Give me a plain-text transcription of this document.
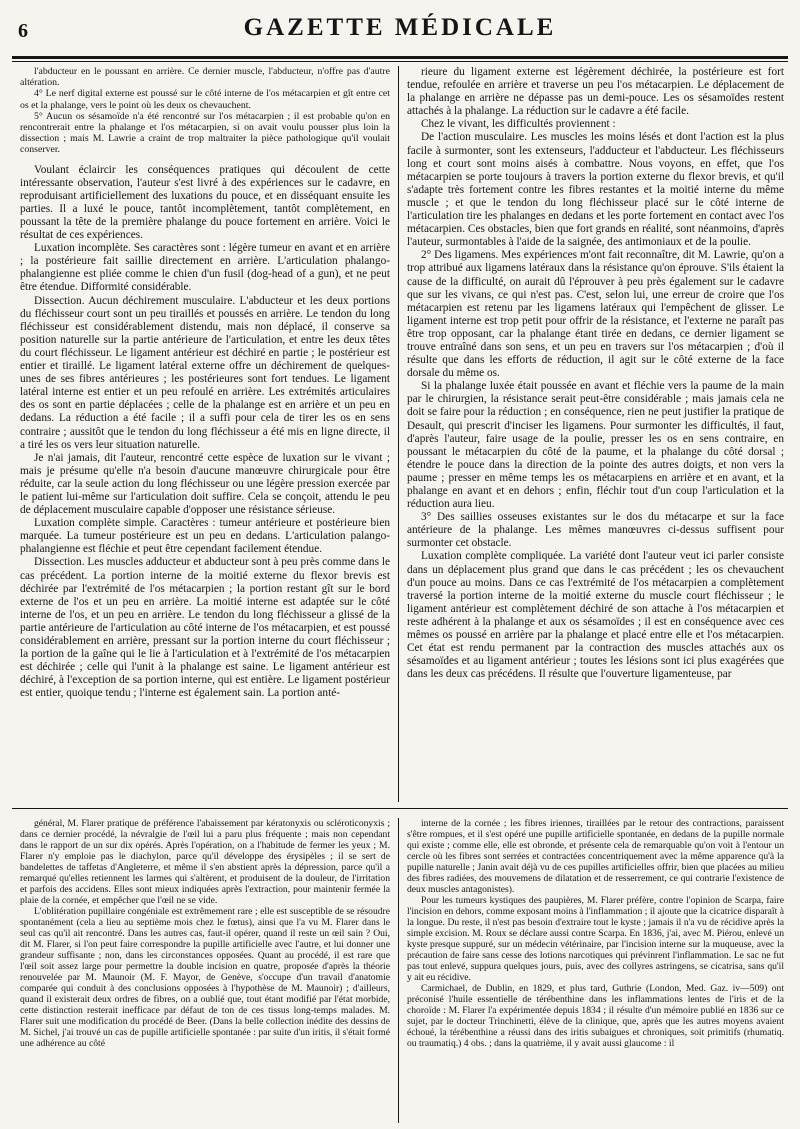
6	GAZETTE MÉDICALE

l'abducteur en le poussant en arrière. Ce dernier muscle, l'abducteur, n'offre pas d'autre altération.

4° Le nerf digital externe est poussé sur le côté interne de l'os métacarpien et gît entre cet os et la phalange, vers le point où les deux os chevauchent.

5° Aucun os sésamoïde n'a été rencontré sur l'os métacarpien ; il est probable qu'on en rencontrerait entre la phalange et l'os métacarpien, si on avait voulu pousser plus loin la dissection ; mais M. Lawrie a craint de trop maltraiter la pièce pathologique qu'il voulait conserver.

Voulant éclaircir les conséquences pratiques qui découlent de cette intéressante observation, l'auteur s'est livré à des expériences sur le cadavre, en reproduisant artificiellement des luxations du pouce, et en disséquant ensuite les parties. Il a luxé le pouce, tantôt incomplètement, tantôt complètement, en poussant la tête de la première phalange du pouce fortement en arrière. Voici le résultat de ces expériences.

Luxation incomplète. Ses caractères sont : légère tumeur en avant et en arrière ; la postérieure fait saillie directement en arrière. L'articulation phalango-phalangienne est pliée comme le chien d'un fusil (dog-head of a gun), et ne peut être étendue. Difformité considérable.

Dissection. Aucun déchirement musculaire. L'abducteur et les deux portions du fléchisseur court sont un peu tiraillés et poussés en arrière. Le tendon du long fléchisseur est considérablement distendu, mais non déplacé, il conserve sa position naturelle sur la partie antérieure de l'articulation, et entre les deux têtes du court fléchisseur. Le ligament antérieur est déchiré en partie ; le postérieur est entier et tiraillé. Le ligament latéral externe offre un déchirement de quelques-unes de ses fibres antérieures ; les postérieures sont fort tendues. Le ligament latéral interne est entier et un peu refoulé en arrière. Les extrémités articulaires des os sont en partie déplacées ; celle de la phalange est en arrière et un peu en dedans. La réduction a été facile ; il a suffi pour cela de tirer les os en sens contraire ; aussitôt que le tendon du long fléchisseur a été mis en ligne directe, il a tiré les os vers leur situation naturelle.

Je n'ai jamais, dit l'auteur, rencontré cette espèce de luxation sur le vivant ; mais je présume qu'elle n'a besoin d'aucune manœuvre chirurgicale pour être réduite, car la seule action du long fléchisseur ou une légère pression exercée par le patient lui-même sur l'articulation doit suffire. Cela se conçoit, attendu le peu de déplacement musculaire capable d'opposer une résistance sérieuse.

Luxation complète simple. Caractères : tumeur antérieure et postérieure bien marquée. La tumeur postérieure est un peu en dedans. L'articulation palango-phalangienne est fléchie et peut être cependant facilement étendue.

Dissection. Les muscles adducteur et abducteur sont à peu près comme dans le cas précédent. La portion interne de la moitié externe du flexor brevis est déchirée par l'extrémité de l'os métacarpien ; la portion restant gît sur le bord externe de l'os et un peu en arrière. La moitié interne est adaptée sur le côté interne de l'os, et un peu en arrière. Le tendon du long fléchisseur a glissé de la partie antérieure de l'articulation au côté interne de l'os métacarpien, et est poussé considérablement en arrière, pressant sur la portion interne du court fléchisseur ; la portion de la gaîne qui le lie à l'articulation et à l'extrémité de l'os métacarpien est déchirée ; celle qui l'unit à la phalange est saine. Le ligament antérieur est déchiré, à l'exception de sa portion interne, qui est entière. Le ligament postérieur est entier, quoique tendu ; l'interne est également sain. La portion anté-

rieure du ligament externe est légèrement déchirée, la postérieure est fort tendue, refoulée en arrière et traverse un peu l'os métacarpien. Le déplacement de la phalange en arrière ne dépasse pas un demi-pouce. Les os sésamoïdes restent attachés à la phalange. La réduction sur le cadavre a été facile.

Chez le vivant, les difficultés proviennent :

De l'action musculaire. Les muscles les moins lésés et dont l'action est la plus facile à surmonter, sont les extenseurs, l'adducteur et l'abducteur. Les fléchisseurs long et court sont moins aisés à combattre. Nous voyons, en effet, que l'os métacarpien se porte toujours à travers la portion externe du flexor brevis, et qu'il s'adapte très fortement contre les fibres restantes et la moitié interne du même muscle ; et que le tendon du long fléchisseur placé sur le côté interne de l'articulation tire les phalanges en dedans et les porte fortement en contact avec l'os métacarpien. Ces obstacles, bien que fort grands en réalité, sont néanmoins, d'après l'auteur, surmontables à l'aide de la saignée, des antimoniaux et de la poulie.

2° Des ligamens. Mes expériences m'ont fait reconnaître, dit M. Lawrie, qu'on a trop attribué aux ligamens latéraux dans la résistance qu'on éprouve. S'ils étaient la cause de la difficulté, on aurait dû l'éprouver à peu près également sur le cadavre que sur les vivans, ce qui n'est pas. C'est, selon lui, une erreur de croire que l'os métacarpien est retenu par les ligamens latéraux qui l'empêchent de glisser. Le ligament interne est trop petit pour offrir de la résistance, et l'externe ne paraît pas être trop opposant, car la phalange étant tirée en dedans, ce dernier ligament se trouve entraîné dans son sens, et un peu en travers sur l'os métacarpien ; d'où il résulte que dans les efforts de réduction, il agit sur le côté externe de la face dorsale du même os.

Si la phalange luxée était poussée en avant et fléchie vers la paume de la main par le chirurgien, la résistance serait peut-être considérable ; mais jamais cela ne doit se faire pour la réduction ; en conséquence, rien ne peut justifier la pratique de Desault, qui prescrit d'inciser les ligamens. Pour surmonter les difficultés, il faut, d'après l'auteur, faire usage de la poulie, presser les os en sens contraire, en poussant le métacarpien du côté de la paume, et la phalange du côté dorsal ; étendre le pouce dans la direction de la pointe des autres doigts, et non vers la paume ; presser en même temps les os métacarpiens en arrière et en avant, et la phalange en avant et en dehors ; enfin, fléchir tout d'un coup l'articulation et la réduction aura lieu.

3° Des saillies osseuses existantes sur le dos du métacarpe et sur la face antérieure de la phalange. Les mêmes manœuvres ci-dessus suffisent pour surmonter cet obstacle.

Luxation complète compliquée. La variété dont l'auteur veut ici parler consiste dans un déplacement plus grand que dans le cas précédent ; les os chevauchent d'un pouce au moins. Dans ce cas l'extrémité de l'os métacarpien a complètement traversé la portion interne de la moitié externe du muscle court fléchisseur ; le ligament antérieur est complètement déchiré de son attache à l'os métacarpien et reste adhérent à la phalange et aux os sésamoïdes ; il est en conséquence avec ces mêmes os poussé en arrière par la phalange et placé entre elle et l'os métacarpien. Cet état est rendu permanent par la contraction des muscles attachés aux os sésamoïdes et au ligament antérieur ; toutes les lésions sont ici plus exagérées que dans les deux cas précédens. Il résulte que l'ouverture ligamenteuse, par

général, M. Flarer pratique de préférence l'abaissement par kératonyxis ou scléroticonyxis ; dans ce dernier procédé, la névralgie de l'œil lui a paru plus fréquente ; mais non cependant dans le rapport de un sur dix opérés. Après l'opération, on a l'habitude de fermer les yeux ; M. Flarer n'y emploie pas le diachylon, parce qu'il développe des érysipèles ; il se sert de bandelettes de taffetas d'Angleterre, et même il s'en abstient après la dépression, parce qu'il a remarqué qu'elles retiennent les larmes qui s'altèrent, et produisent de la douleur, de l'irritation et parfois des accidens. Elles sont mieux indiquées après l'extraction, pour maintenir fermée la plaie de la cornée, et empêcher que l'œil ne se vide.

L'oblitération pupillaire congéniale est extrêmement rare ; elle est susceptible de se résoudre spontanément (cela a lieu au septième mois chez le fœtus), ainsi que l'a vu M. Flarer dans le seul cas qu'il ait rencontré. Dans les autres cas, faut-il opérer, quand il reste un œil sain ? Oui, dit M. Flarer, si l'on peut faire correspondre la pupille artificielle avec l'autre, et lui donner une grandeur suffisante ; non, dans les circonstances opposées. Quant au procédé, il est rare que l'œil soit assez large pour permettre la double incision en quatre, proposée d'après la théorie renouvelée par M. Maunoir (M. F. Mayor, de Genève, s'occupe d'un travail d'anatomie comparée qui conduit à des conclusions opposées à l'hypothèse de M. Maunoir) ; d'ailleurs, quand il existerait deux ordres de fibres, on a oublié que, tout étant modifié par l'état morbide, cette distinction resterait inefficace par défaut de ton de ces tissus long-temps malades. M. Flarer suit une modification du procédé de Beer. (Dans la belle collection inédite des dessins de M. Sichel, j'ai trouvé un cas de pupille artificielle spontanée : par suite d'un iritis, il s'était formé une adhérence au côté

interne de la cornée ; les fibres iriennes, tiraillées par le retour des contractions, paraissent s'être rompues, et il s'est opéré une pupille artificielle spontanée, en dedans de la pupille normale qui existe ; comme elle, elle est obronde, et présente cela de remarquable qu'on voit à l'entour un cercle où les fibres sont serrées et contractées concentriquement avec la même apparence qu'à la pupille naturelle ; Janin avait déjà vu de ces pupilles artificielles offrir, bien que placées au milieu des fibres radiées, des mouvemens de dilatation et de resserrement, ce qui contrarie l'existence de deux muscles antagonistes).

Pour les tumeurs kystiques des paupières, M. Flarer préfère, contre l'opinion de Scarpa, faire l'incision en dehors, comme exposant moins à l'inflammation ; il ajoute que la cicatrice disparaît à la longue. Du reste, il n'est pas besoin d'extraire tout le kyste ; jamais il n'a vu de récidive après la simple excision. M. Roux se déclare aussi contre Scarpa. En 1836, j'ai, avec M. Piérou, enlevé un kyste presque suppuré, sur un médecin vétérinaire, par l'incision interne sur la muqueuse, avec la précaution de faire sans cesse des lotions narcotiques qui prévinrent l'inflammation. Le sac ne fut pas tout enlevé, suppura quelques jours, puis, avec des collyres astringens, se cicatrisa, sans qu'il y ait eu récidive.

Carmichael, de Dublin, en 1829, et plus tard, Guthrie (London, Med. Gaz. iv—509) ont préconisé l'huile essentielle de térébenthine dans les inflammations lentes de l'iris et de la choroïde : M. Flarer l'a expérimentée depuis 1834 ; il résulte d'un mémoire publié en 1836 sur ce sujet, par le docteur Trinchinetti, élève de la clinique, que, après que les autres moyens avaient échoué, la térébenthine a réussi dans des iritis subaigues et chroniques, soit primitifs (rhumatiq. ou traumatiq.) 4 obs. ; dans la quatrième, il y avait aussi glaucome : il
